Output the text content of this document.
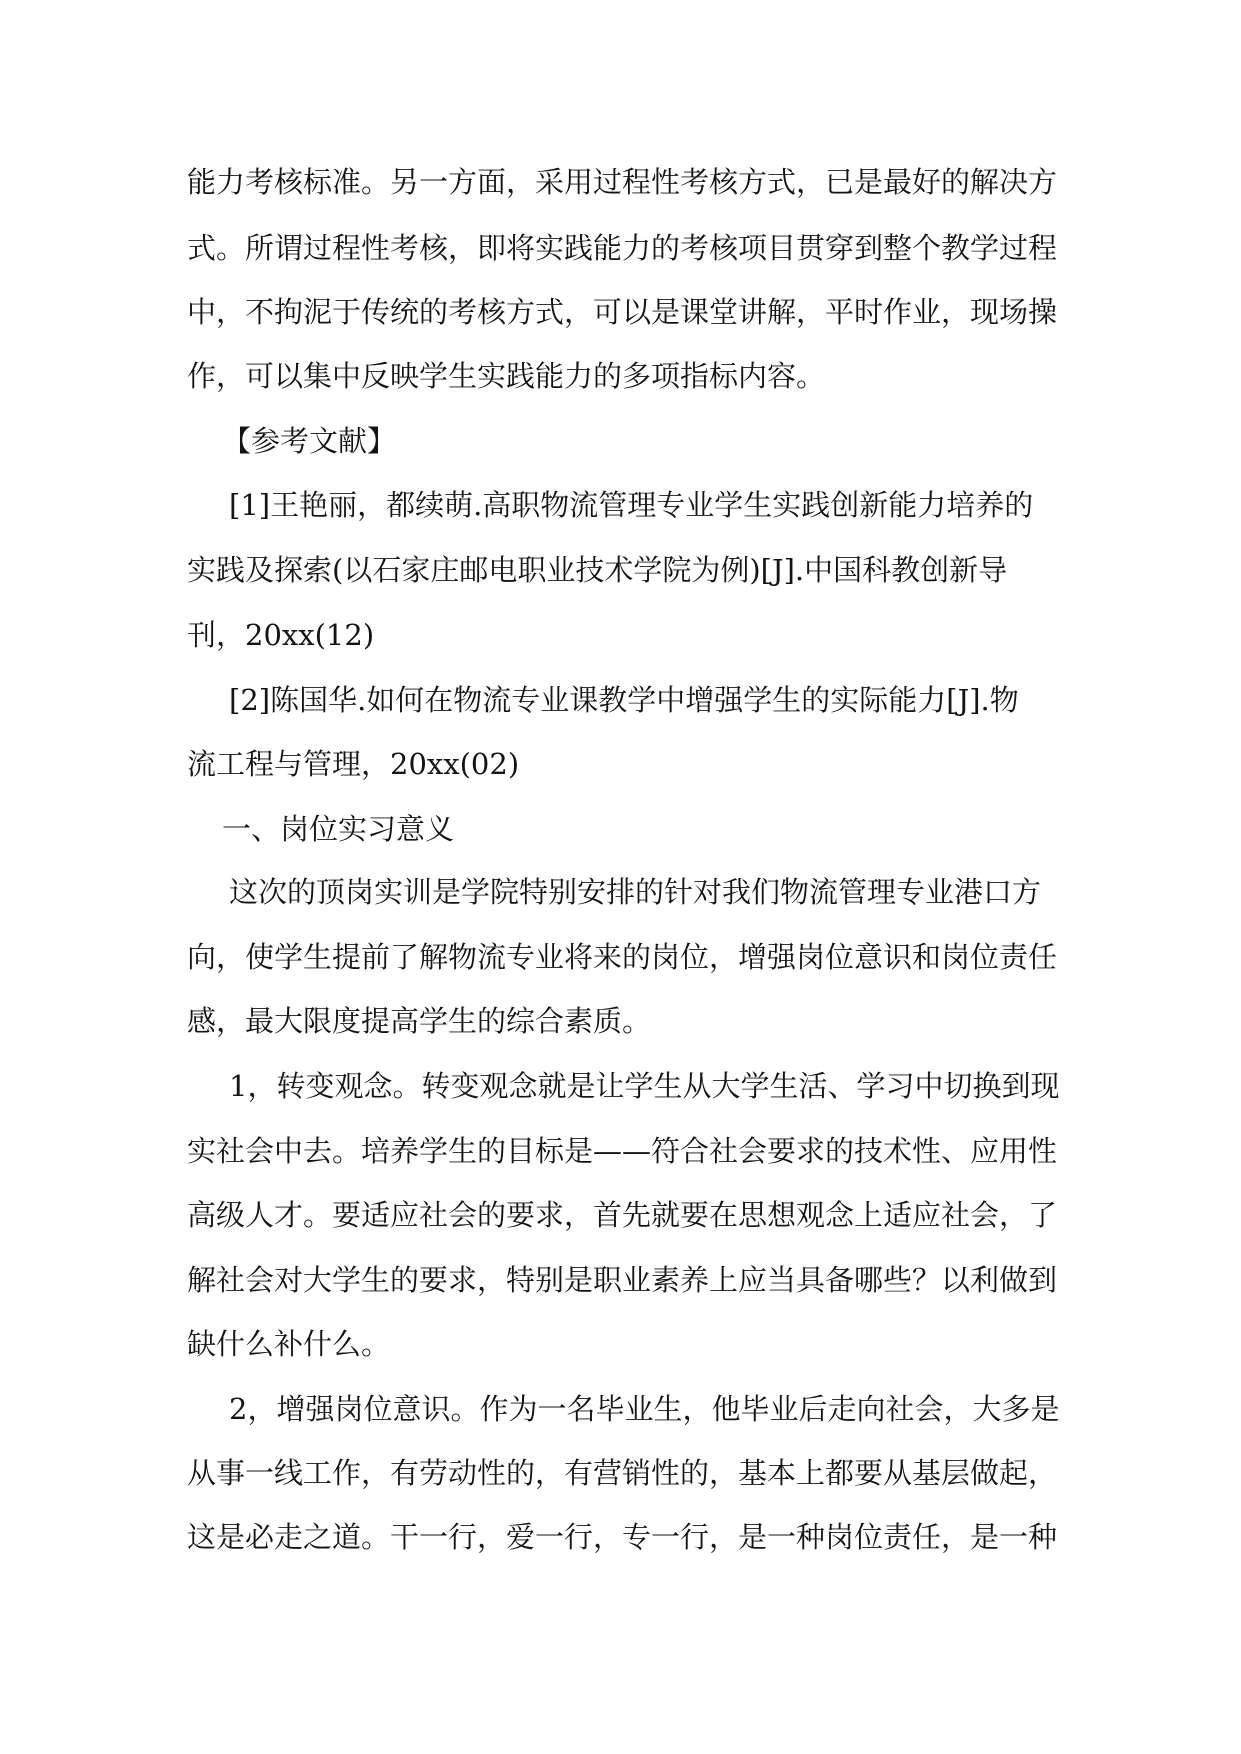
能力考核标准。另一方面，采用过程性考核方式，已是最好的解决方

式。所谓过程性考核，即将实践能力的考核项目贯穿到整个教学过程

中，不拘泥于传统的考核方式，可以是课堂讲解，平时作业，现场操

作，可以集中反映学生实践能力的多项指标内容。

【参考文献】

[1]王艳丽，都续萌.高职物流管理专业学生实践创新能力培养的

实践及探索(以石家庄邮电职业技术学院为例)[J].中国科教创新导

刊，20xx(12)

[2]陈国华.如何在物流专业课教学中增强学生的实际能力[J].物

流工程与管理，20xx(02)

一、岗位实习意义

这次的顶岗实训是学院特别安排的针对我们物流管理专业港口方

向，使学生提前了解物流专业将来的岗位，增强岗位意识和岗位责任

感，最大限度提高学生的综合素质。

1，转变观念。转变观念就是让学生从大学生活、学习中切换到现

实社会中去。培养学生的目标是——符合社会要求的技术性、应用性

高级人才。要适应社会的要求，首先就要在思想观念上适应社会，了

解社会对大学生的要求，特别是职业素养上应当具备哪些？以利做到

缺什么补什么。

2，增强岗位意识。作为一名毕业生，他毕业后走向社会，大多是

从事一线工作，有劳动性的，有营销性的，基本上都要从基层做起，

这是必走之道。干一行，爱一行，专一行，是一种岗位责任，是一种
